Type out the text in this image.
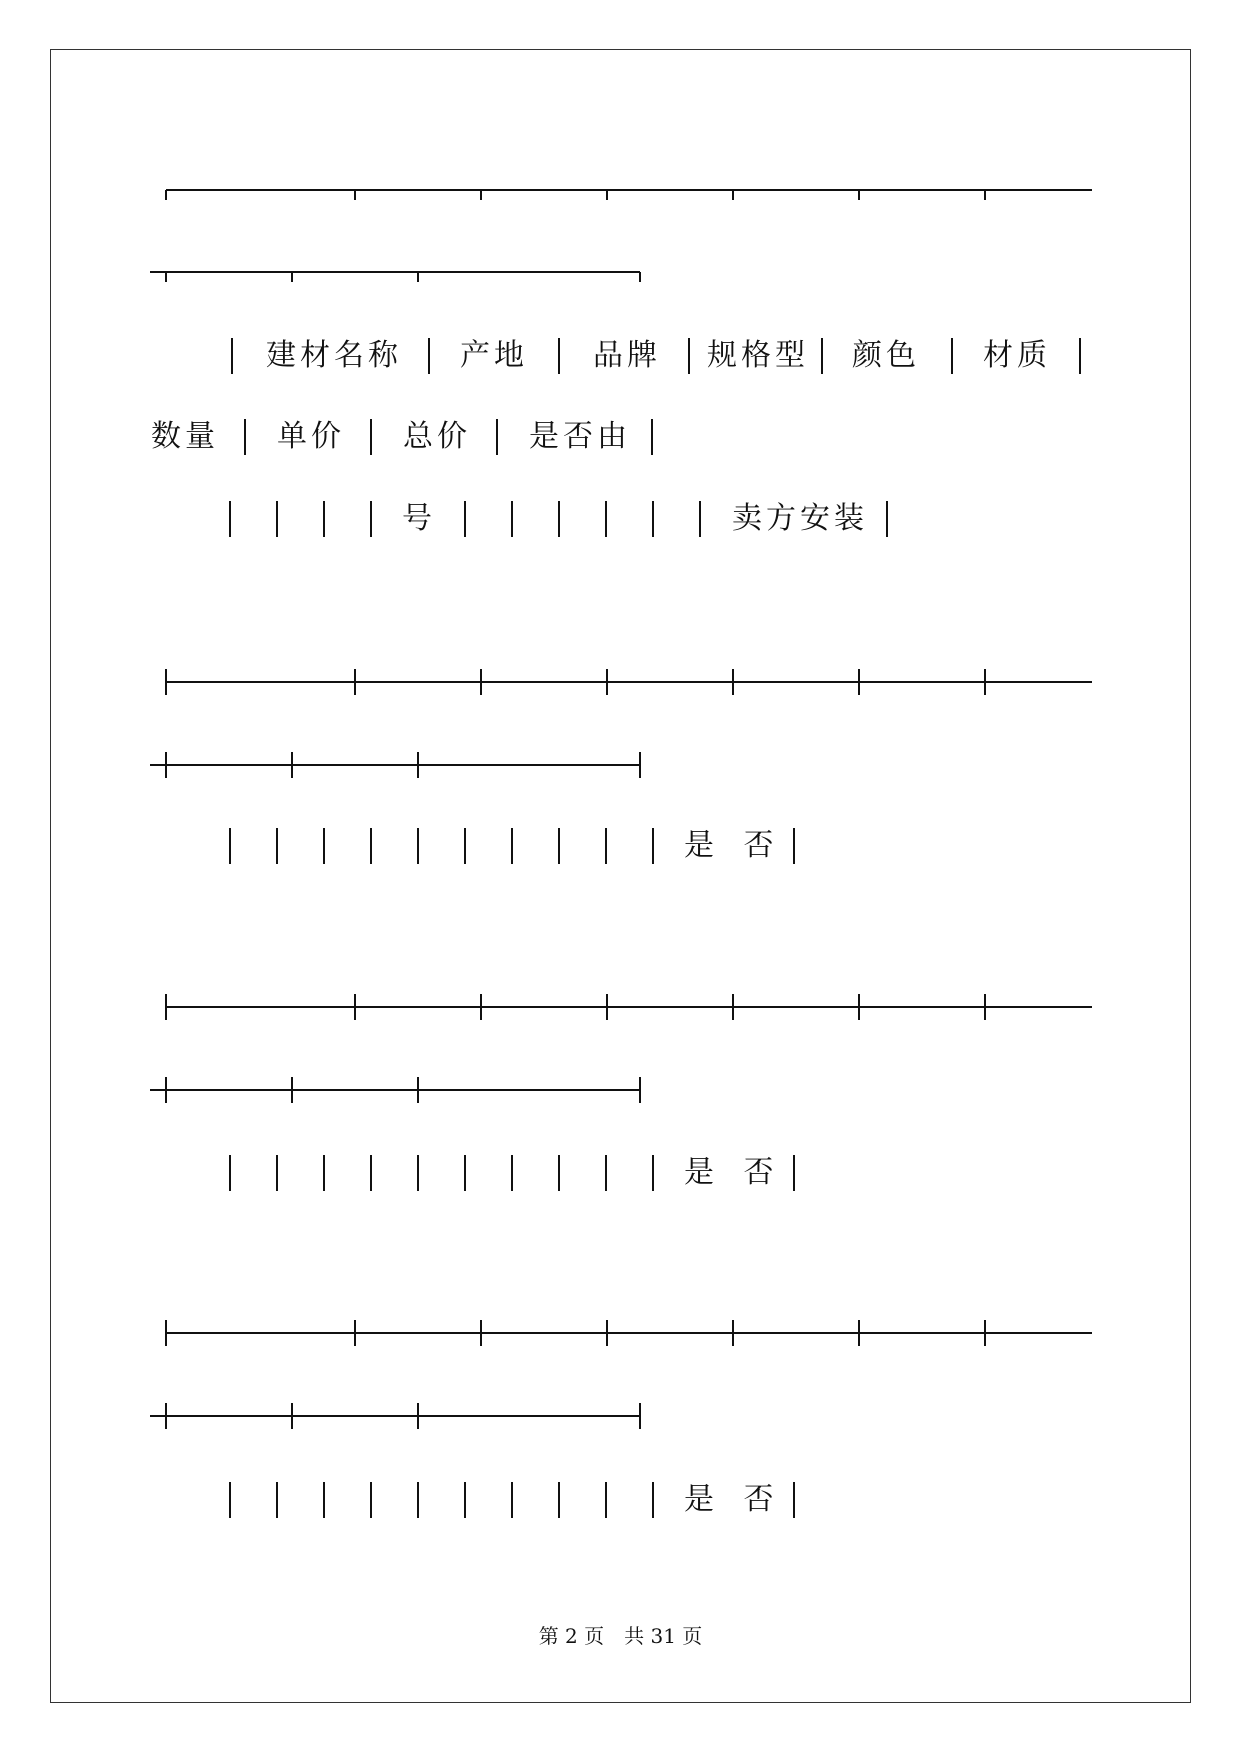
建材名称 产地 品牌 规格型 颜色 材质
数量 单价 总价 是否由
号	卖方安装
是 否
是 否
是 否
第 2 页　共 31 页
